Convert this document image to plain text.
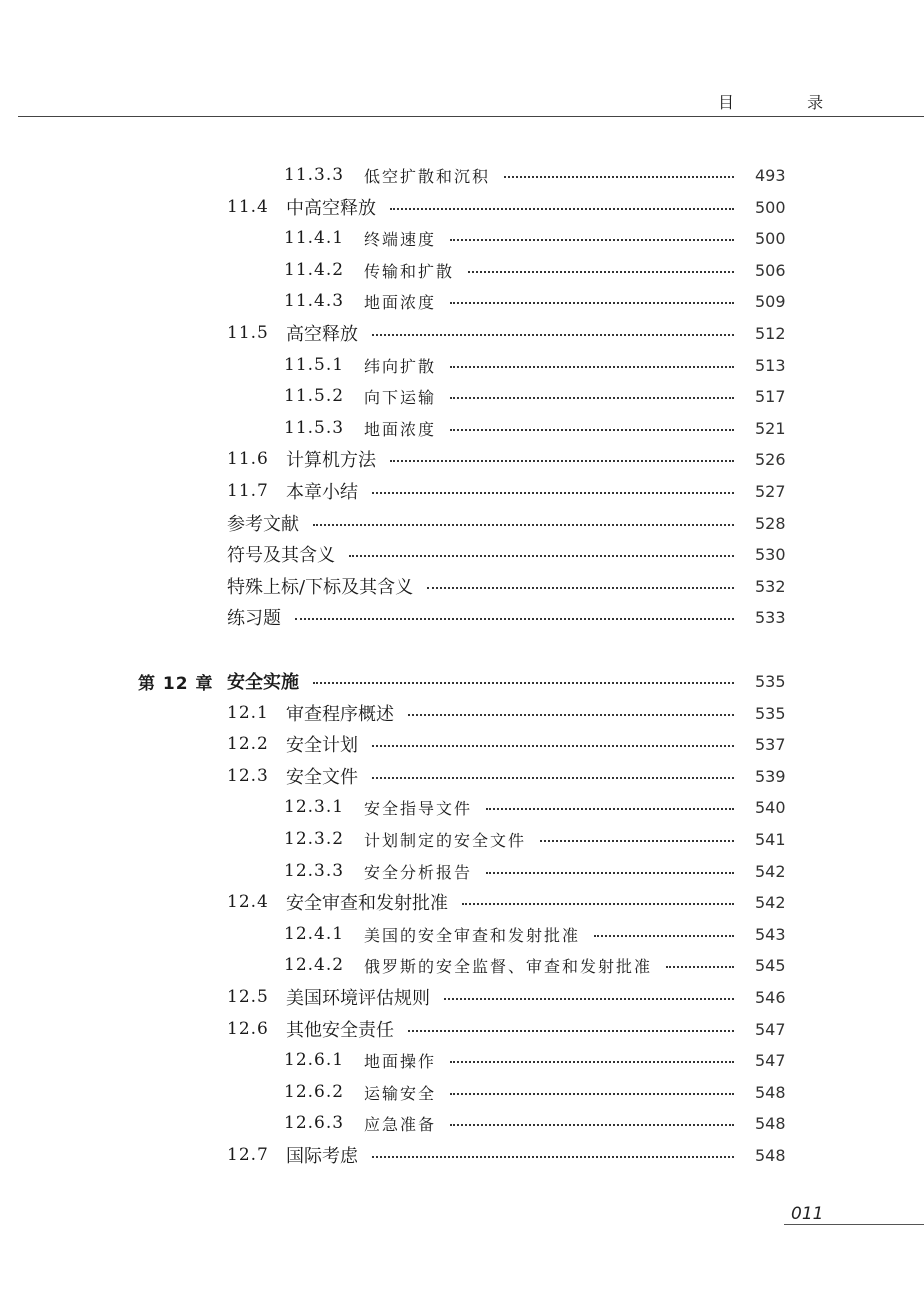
目 录
11.3.3 低空扩散和沉积	493
11.4 中高空释放	500
11.4.1 终端速度	500
11.4.2 传输和扩散	506
11.4.3 地面浓度	509
11.5 高空释放	512
11.5.1 纬向扩散	513
11.5.2 向下运输	517
11.5.3 地面浓度	521
11.6 计算机方法	526
11.7 本章小结	527
参考文献	528
符号及其含义	530
特殊上标/下标及其含义	532
练习题	533
第 12 章 安全实施	535
12.1 审查程序概述	535
12.2 安全计划	537
12.3 安全文件	539
12.3.1 安全指导文件	540
12.3.2 计划制定的安全文件	541
12.3.3 安全分析报告	542
12.4 安全审查和发射批准	542
12.4.1 美国的安全审查和发射批准	543
12.4.2 俄罗斯的安全监督、审查和发射批准	545
12.5 美国环境评估规则	546
12.6 其他安全责任	547
12.6.1 地面操作	547
12.6.2 运输安全	548
12.6.3 应急准备	548
12.7 国际考虑	548
011
